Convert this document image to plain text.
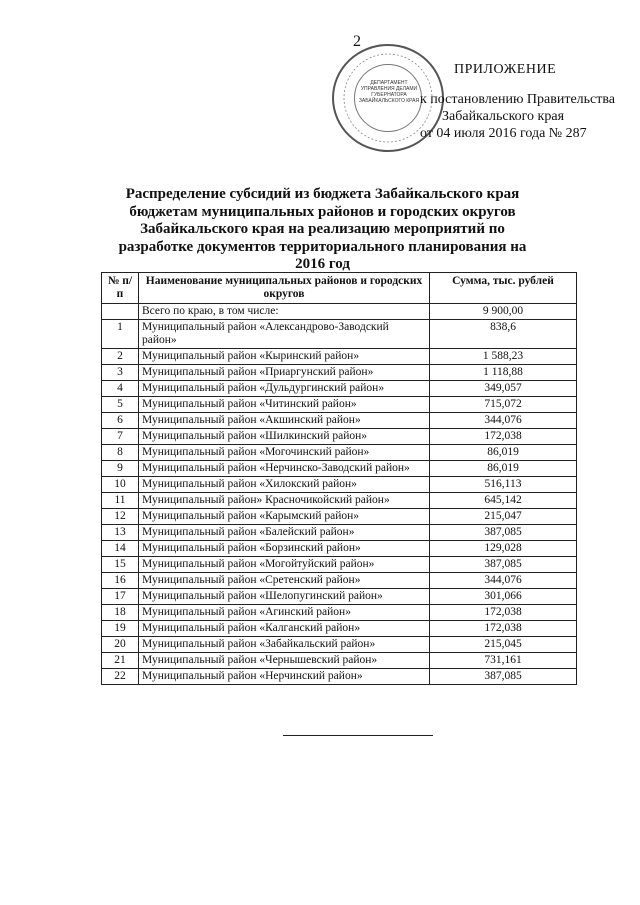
2
ДЕПАРТАМЕНТ УПРАВЛЕНИЯ ДЕЛАМИ ГУБЕРНАТОРА ЗАБАЙКАЛЬСКОГО КРАЯ
ПРИЛОЖЕНИЕ
к постановлению Правительства
Забайкальского края
от 04 июля 2016 года № 287
Распределение субсидий из бюджета Забайкальского края бюджетам муниципальных районов и городских округов Забайкальского края на реализацию мероприятий по разработке документов территориального планирования на 2016 год
№ п/п	Наименование муниципальных районов и городских округов	Сумма, тыс. рублей
	Всего по краю, в том числе:	9 900,00
1	Муниципальный район «Александрово-Заводский район»	838,6
2	Муниципальный район «Кыринский район»	1 588,23
3	Муниципальный район «Приаргунский район»	1 118,88
4	Муниципальный район «Дульдургинский район»	349,057
5	Муниципальный район «Читинский район»	715,072
6	Муниципальный район «Акшинский район»	344,076
7	Муниципальный район «Шилкинский район»	172,038
8	Муниципальный район «Могочинский район»	86,019
9	Муниципальный район «Нерчинско-Заводский район»	86,019
10	Муниципальный район «Хилокский район»	516,113
11	Муниципальный район» Красночикойский район»	645,142
12	Муниципальный район «Карымский район»	215,047
13	Муниципальный район «Балейский район»	387,085
14	Муниципальный район «Борзинский район»	129,028
15	Муниципальный район «Могойтуйский район»	387,085
16	Муниципальный район «Сретенский район»	344,076
17	Муниципальный район «Шелопугинский район»	301,066
18	Муниципальный район «Агинский район»	172,038
19	Муниципальный район «Калганский район»	172,038
20	Муниципальный район «Забайкальский район»	215,045
21	Муниципальный район «Чернышевский район»	731,161
22	Муниципальный район «Нерчинский район»	387,085
